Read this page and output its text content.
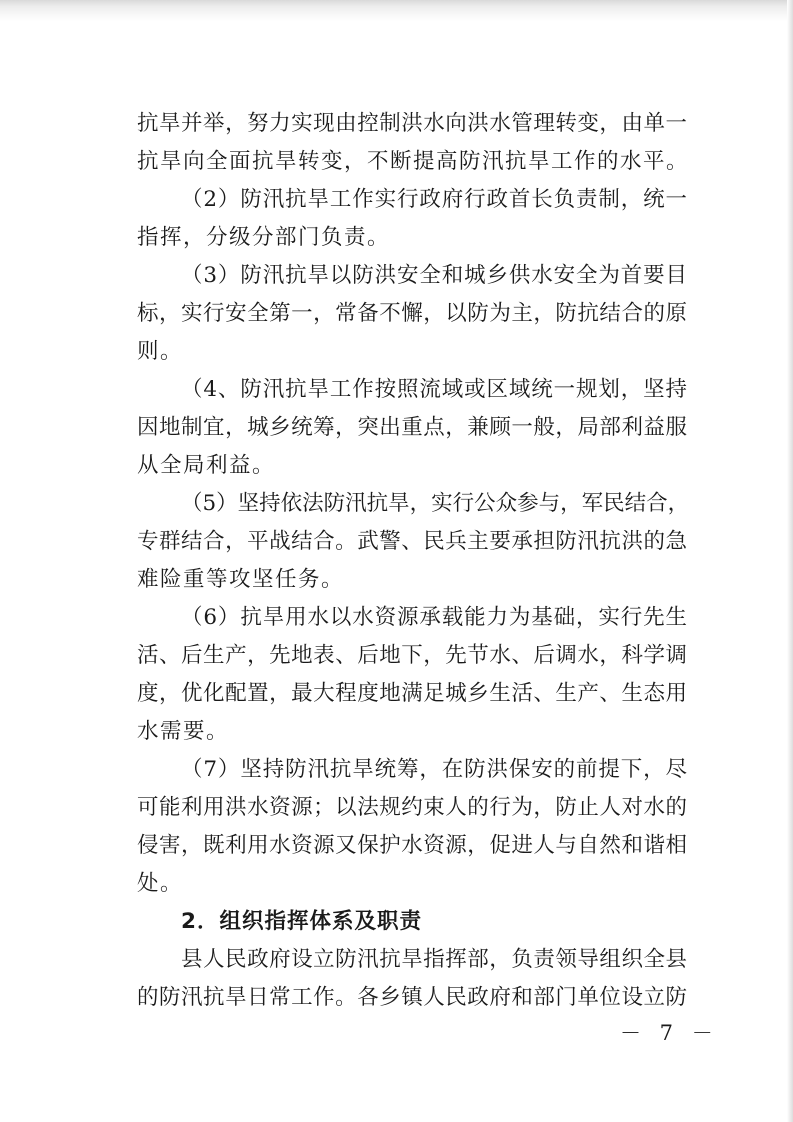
抗旱并举，努力实现由控制洪水向洪水管理转变，由单一
抗旱向全面抗旱转变，不断提高防汛抗旱工作的水平。
（2）防汛抗旱工作实行政府行政首长负责制，统一
指挥，分级分部门负责。
（3）防汛抗旱以防洪安全和城乡供水安全为首要目
标，实行安全第一，常备不懈，以防为主，防抗结合的原
则。
（4、防汛抗旱工作按照流域或区域统一规划，坚持
因地制宜，城乡统筹，突出重点，兼顾一般，局部利益服
从全局利益。
（5）坚持依法防汛抗旱，实行公众参与，军民结合，
专群结合，平战结合。武警、民兵主要承担防汛抗洪的急
难险重等攻坚任务。
（6）抗旱用水以水资源承载能力为基础，实行先生
活、后生产，先地表、后地下，先节水、后调水，科学调
度，优化配置，最大程度地满足城乡生活、生产、生态用
水需要。
（7）坚持防汛抗旱统筹，在防洪保安的前提下，尽
可能利用洪水资源；以法规约束人的行为，防止人对水的
侵害，既利用水资源又保护水资源，促进人与自然和谐相
处。
2．组织指挥体系及职责
县人民政府设立防汛抗旱指挥部，负责领导组织全县
的防汛抗旱日常工作。各乡镇人民政府和部门单位设立防
－ 7 －
